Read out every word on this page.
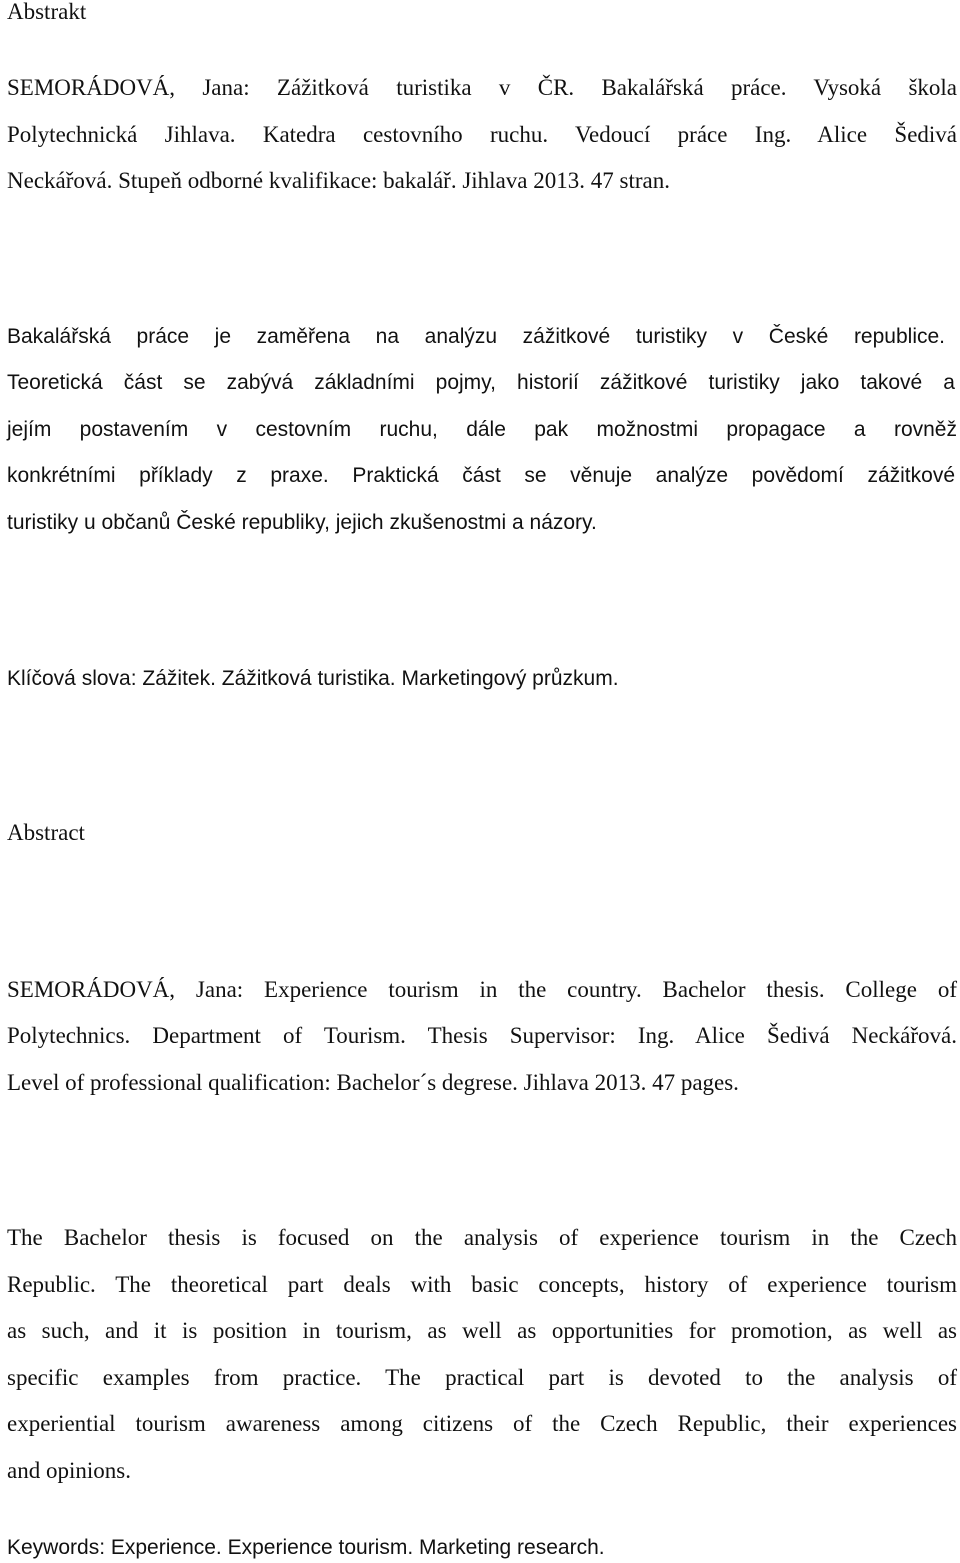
Abstrakt
SEMORÁDOVÁ, Jana: Zážitková turistika v ČR. Bakalářská práce. Vysoká škola
Polytechnická Jihlava. Katedra cestovního ruchu. Vedoucí práce Ing. Alice Šedivá
Neckářová. Stupeň odborné kvalifikace: bakalář. Jihlava 2013. 47 stran.
Bakalářská práce je zaměřena na analýzu zážitkové turistiky v České republice.
Teoretická část se zabývá základními pojmy, historií zážitkové turistiky jako takové a
jejím postavením v cestovním ruchu, dále pak možnostmi propagace a rovněž
konkrétními příklady z praxe. Praktická část se věnuje analýze povědomí zážitkové
turistiky u občanů České republiky, jejich zkušenostmi a názory.
Klíčová slova: Zážitek. Zážitková turistika. Marketingový průzkum.
Abstract
SEMORÁDOVÁ, Jana: Experience tourism in the country. Bachelor thesis. College of
Polytechnics. Department of Tourism. Thesis Supervisor: Ing. Alice Šedivá Neckářová.
Level of professional qualification: Bachelor´s degrese. Jihlava 2013. 47 pages.
The Bachelor thesis is focused on the analysis of experience tourism in the Czech
Republic. The theoretical part deals with basic concepts, history of experience tourism
as such, and it is position in tourism, as well as opportunities for promotion, as well as
specific examples from practice. The practical part is devoted to the analysis of
experiential tourism awareness among citizens of the Czech Republic, their experiences
and opinions.
Keywords: Experience. Experience tourism. Marketing research.
